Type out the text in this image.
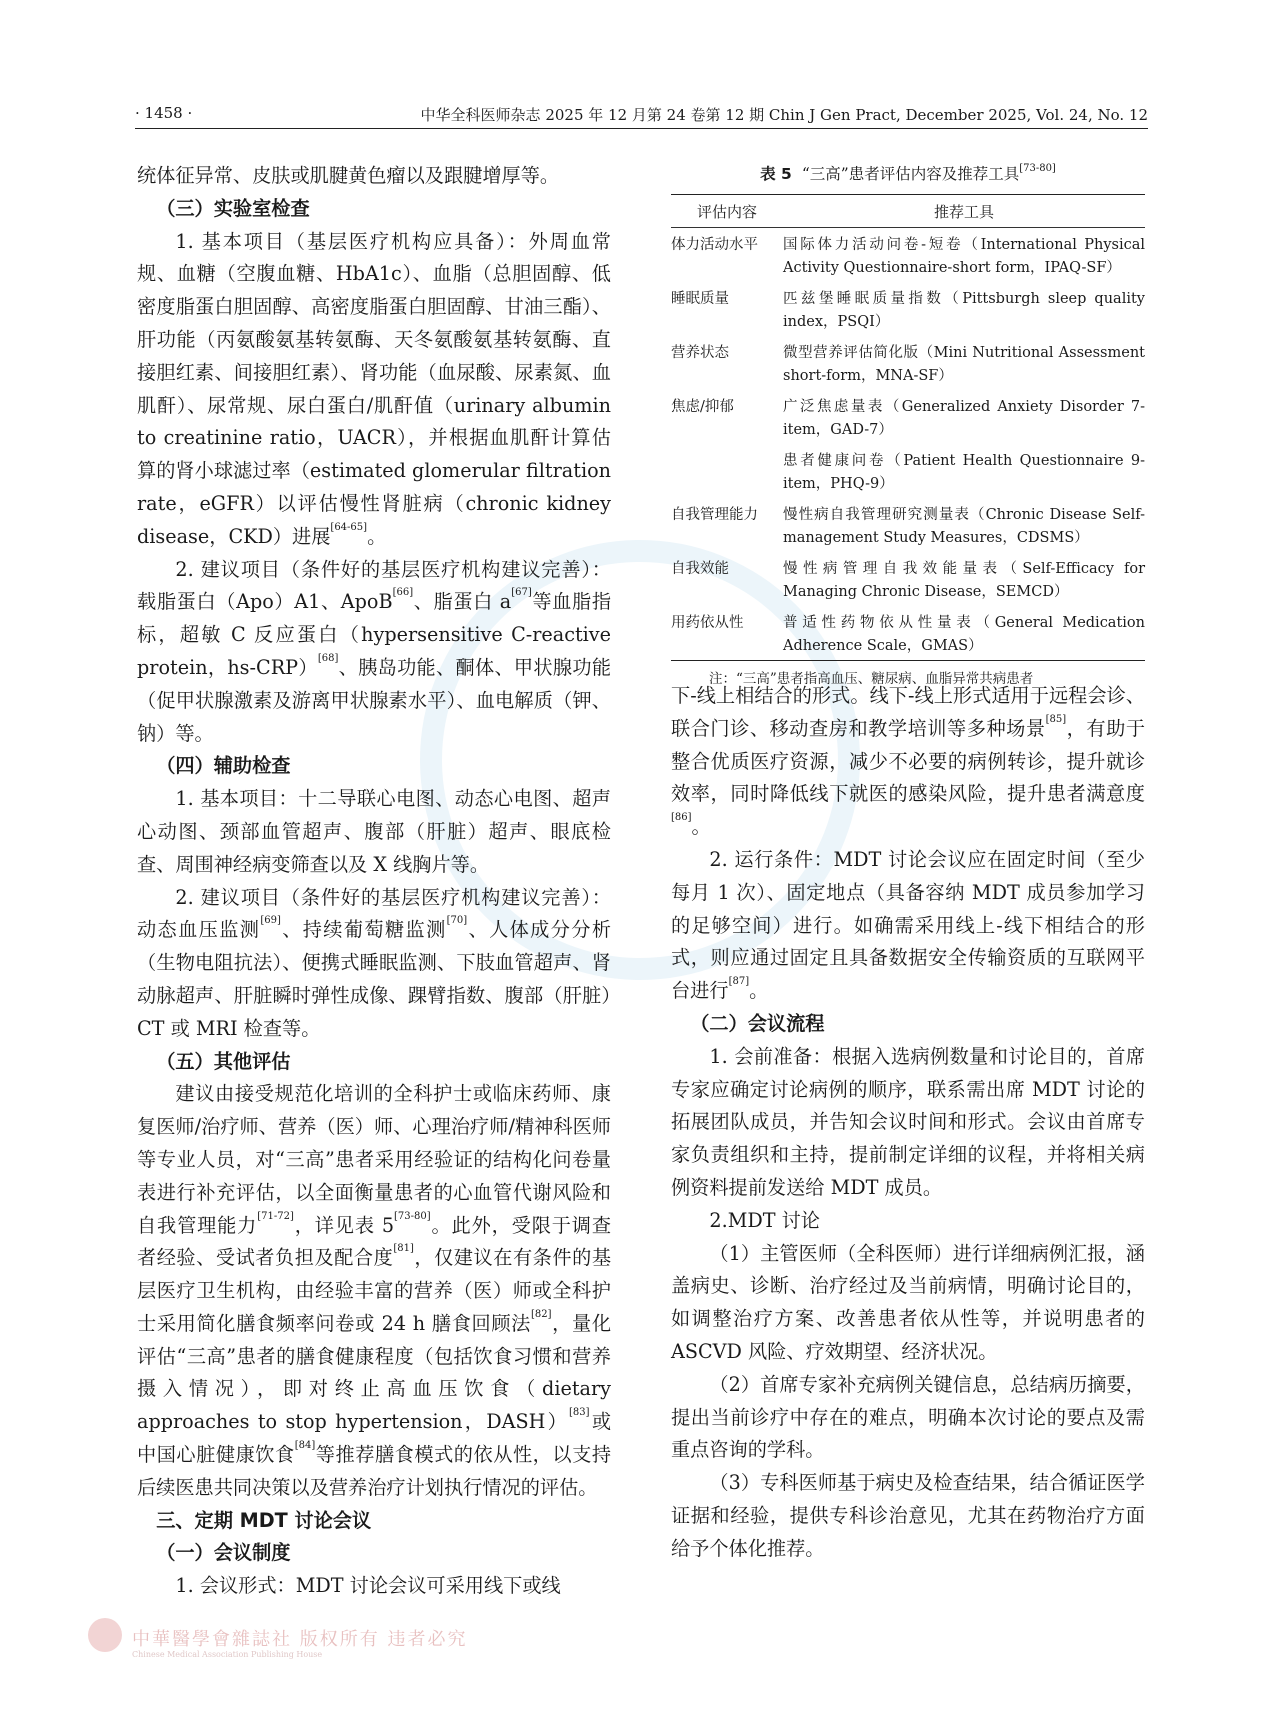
· 1458 ·	中华全科医师杂志 2025 年 12 月第 24 卷第 12 期 Chin J Gen Pract, December 2025, Vol. 24, No. 12

统体征异常、皮肤或肌腱黄色瘤以及跟腱增厚等。

（三）实验室检查

1. 基本项目（基层医疗机构应具备）：外周血常规、血糖（空腹血糖、HbA1c）、血脂（总胆固醇、低密度脂蛋白胆固醇、高密度脂蛋白胆固醇、甘油三酯）、肝功能（丙氨酸氨基转氨酶、天冬氨酸氨基转氨酶、直接胆红素、间接胆红素）、肾功能（血尿酸、尿素氮、血肌酐）、尿常规、尿白蛋白/肌酐值（urinary albumin to creatinine ratio，UACR），并根据血肌酐计算估算的肾小球滤过率（estimated glomerular filtration rate，eGFR）以评估慢性肾脏病（chronic kidney disease，CKD）进展[64-65]。

2. 建议项目（条件好的基层医疗机构建议完善）：载脂蛋白（Apo）A1、ApoB[66]、脂蛋白 a[67]等血脂指标，超敏 C 反应蛋白（hypersensitive C-reactive protein，hs-CRP）[68]、胰岛功能、酮体、甲状腺功能（促甲状腺激素及游离甲状腺素水平）、血电解质（钾、钠）等。

（四）辅助检查

1. 基本项目：十二导联心电图、动态心电图、超声心动图、颈部血管超声、腹部（肝脏）超声、眼底检查、周围神经病变筛查以及 X 线胸片等。

2. 建议项目（条件好的基层医疗机构建议完善）：动态血压监测[69]、持续葡萄糖监测[70]、人体成分分析（生物电阻抗法）、便携式睡眠监测、下肢血管超声、肾动脉超声、肝脏瞬时弹性成像、踝臂指数、腹部（肝脏）CT 或 MRI 检查等。

（五）其他评估

建议由接受规范化培训的全科护士或临床药师、康复医师/治疗师、营养（医）师、心理治疗师/精神科医师等专业人员，对“三高”患者采用经验证的结构化问卷量表进行补充评估，以全面衡量患者的心血管代谢风险和自我管理能力[71-72]，详见表 5[73-80]。此外，受限于调查者经验、受试者负担及配合度[81]，仅建议在有条件的基层医疗卫生机构，由经验丰富的营养（医）师或全科护士采用简化膳食频率问卷或 24 h 膳食回顾法[82]，量化评估“三高”患者的膳食健康程度（包括饮食习惯和营养摄入情况），即对终止高血压饮食（dietary approaches to stop hypertension，DASH）[83]或中国心脏健康饮食[84]等推荐膳食模式的依从性，以支持后续医患共同决策以及营养治疗计划执行情况的评估。

三、定期 MDT 讨论会议
（一）会议制度

1. 会议形式：MDT 讨论会议可采用线下或线

表 5 “三高”患者评估内容及推荐工具[73-80]
评估内容	推荐工具
体力活动水平	国际体力活动问卷-短卷（International Physical Activity Questionnaire-short form，IPAQ-SF）
睡眠质量	匹兹堡睡眠质量指数（Pittsburgh sleep quality index，PSQI）
营养状态	微型营养评估简化版（Mini Nutritional Assessment short-form，MNA-SF）
焦虑/抑郁	广泛焦虑量表（Generalized Anxiety Disorder 7-item，GAD-7）
	患者健康问卷（Patient Health Questionnaire 9-item，PHQ-9）
自我管理能力	慢性病自我管理研究测量表（Chronic Disease Self-management Study Measures，CDSMS）
自我效能	慢性病管理自我效能量表（Self-Efficacy for Managing Chronic Disease，SEMCD）
用药依从性	普适性药物依从性量表（General Medication Adherence Scale，GMAS）
注：“三高”患者指高血压、糖尿病、血脂异常共病患者

下-线上相结合的形式。线下-线上形式适用于远程会诊、联合门诊、移动查房和教学培训等多种场景[85]，有助于整合优质医疗资源，减少不必要的病例转诊，提升就诊效率，同时降低线下就医的感染风险，提升患者满意度[86]。

2. 运行条件：MDT 讨论会议应在固定时间（至少每月 1 次）、固定地点（具备容纳 MDT 成员参加学习的足够空间）进行。如确需采用线上-线下相结合的形式，则应通过固定且具备数据安全传输资质的互联网平台进行[87]。

（二）会议流程

1. 会前准备：根据入选病例数量和讨论目的，首席专家应确定讨论病例的顺序，联系需出席 MDT 讨论的拓展团队成员，并告知会议时间和形式。会议由首席专家负责组织和主持，提前制定详细的议程，并将相关病例资料提前发送给 MDT 成员。

2.MDT 讨论

（1）主管医师（全科医师）进行详细病例汇报，涵盖病史、诊断、治疗经过及当前病情，明确讨论目的，如调整治疗方案、改善患者依从性等，并说明患者的 ASCVD 风险、疗效期望、经济状况。

（2）首席专家补充病例关键信息，总结病历摘要，提出当前诊疗中存在的难点，明确本次讨论的要点及需重点咨询的学科。

（3）专科医师基于病史及检查结果，结合循证医学证据和经验，提供专科诊治意见，尤其在药物治疗方面给予个体化推荐。

中華醫學會雜誌社 版权所有 违者必究
Chinese Medical Association Publishing House
